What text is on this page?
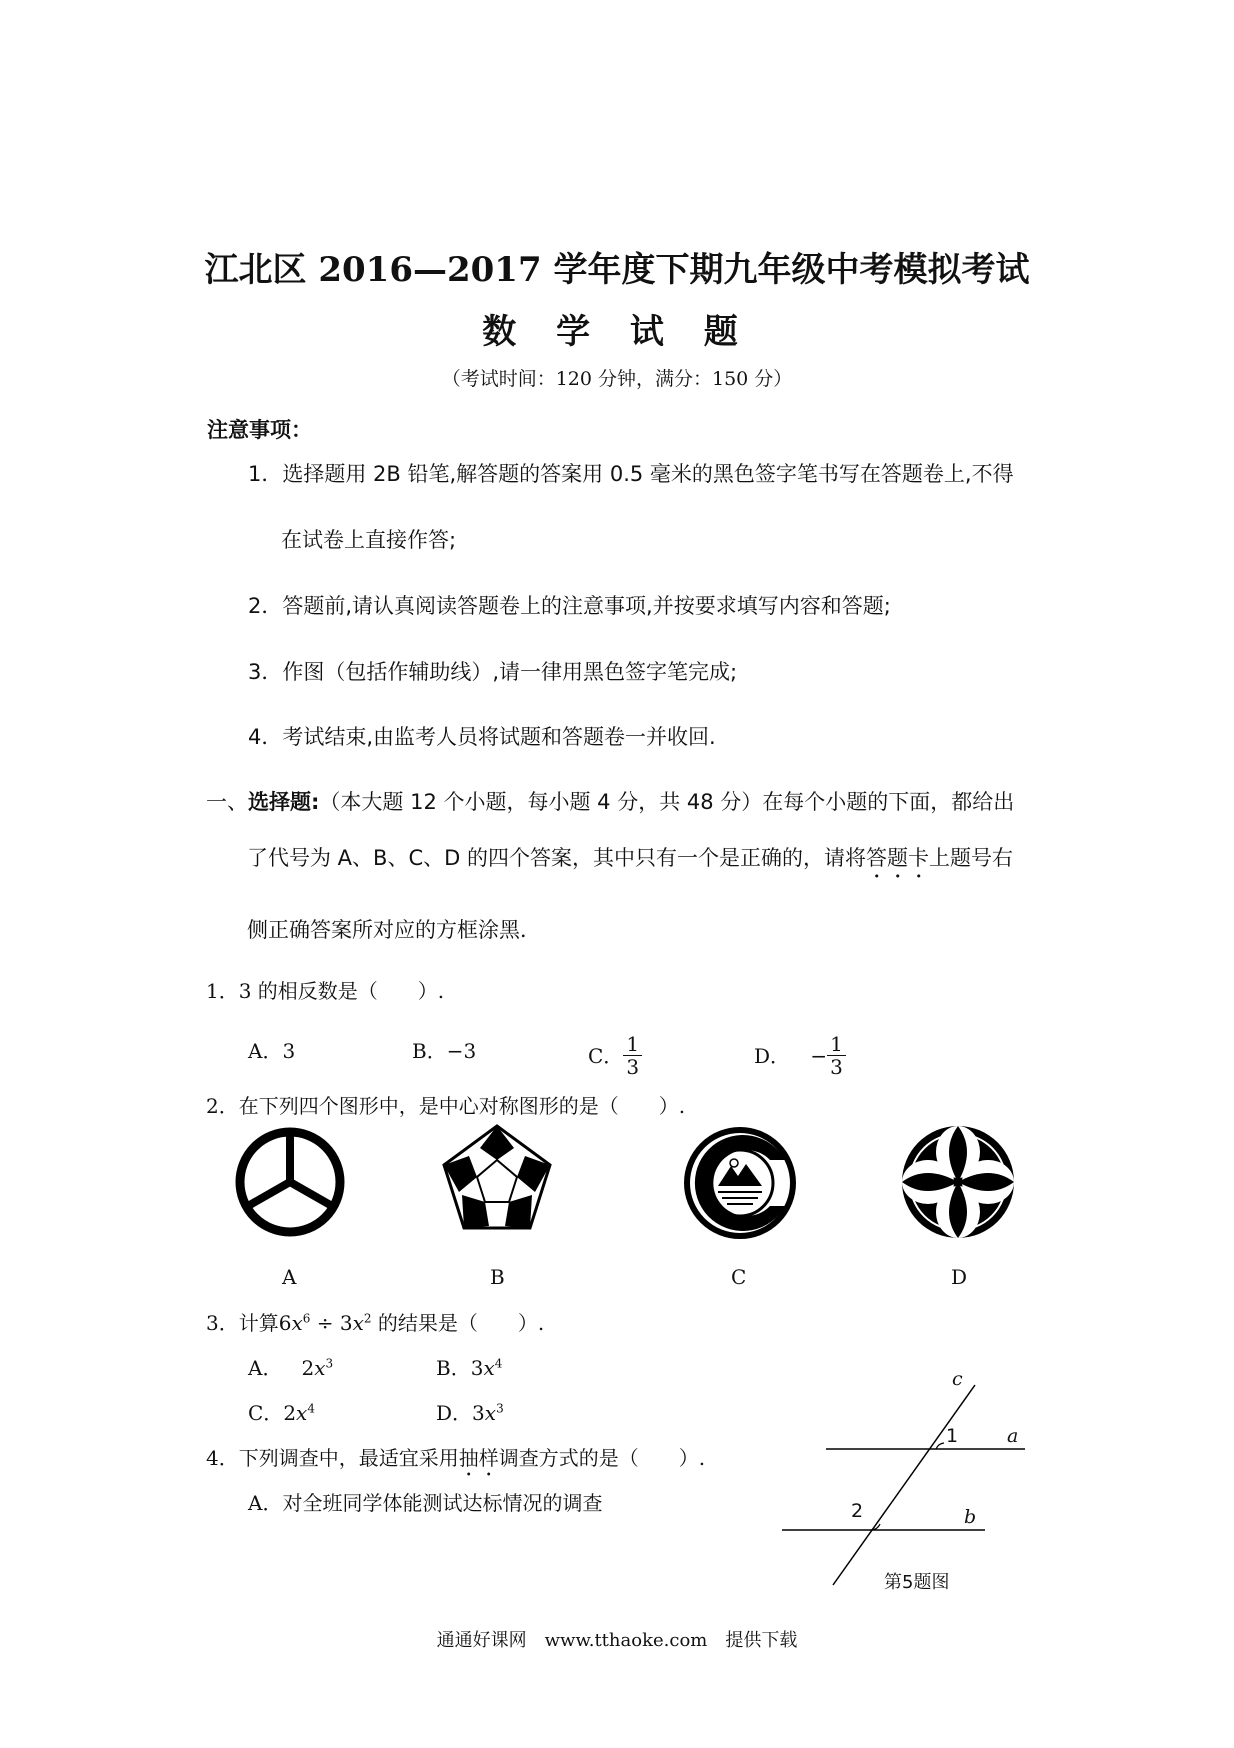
江北区 2016—2017 学年度下期九年级中考模拟考试
数 学 试 题
（考试时间：120 分钟，满分：150 分）
注意事项：
1．选择题用 2B 铅笔,解答题的答案用 0.5 毫米的黑色签字笔书写在答题卷上,不得
在试卷上直接作答;
2．答题前,请认真阅读答题卷上的注意事项,并按要求填写内容和答题;
3．作图（包括作辅助线）,请一律用黑色签字笔完成;
4．考试结束,由监考人员将试题和答题卷一并收回.
一、选择题:（本大题 12 个小题，每小题 4 分，共 48 分）在每个小题的下面，都给出
了代号为 A、B、C、D 的四个答案，其中只有一个是正确的，请将答题卡上题号右
侧正确答案所对应的方框涂黑．
1．3 的相反数是（　　）.
A．3	B．−3	C． $\frac{1}{3}$	D． − $\frac{1}{3}$
2．在下列四个图形中，是中心对称图形的是（　　）.
A	B	C	D
3．计算$6x^6 \div 3x^2$ 的结果是（　　）.
A．   $2x^3$	B．$3x^4$
C．$2x^4$	D．$3x^3$
4．下列调查中，最适宜采用抽样调查方式的是（　　）.
A．对全班同学体能测试达标情况的调查
c
a
b
1
2
第5题图
通通好课网　www.tthaoke.com　提供下载
